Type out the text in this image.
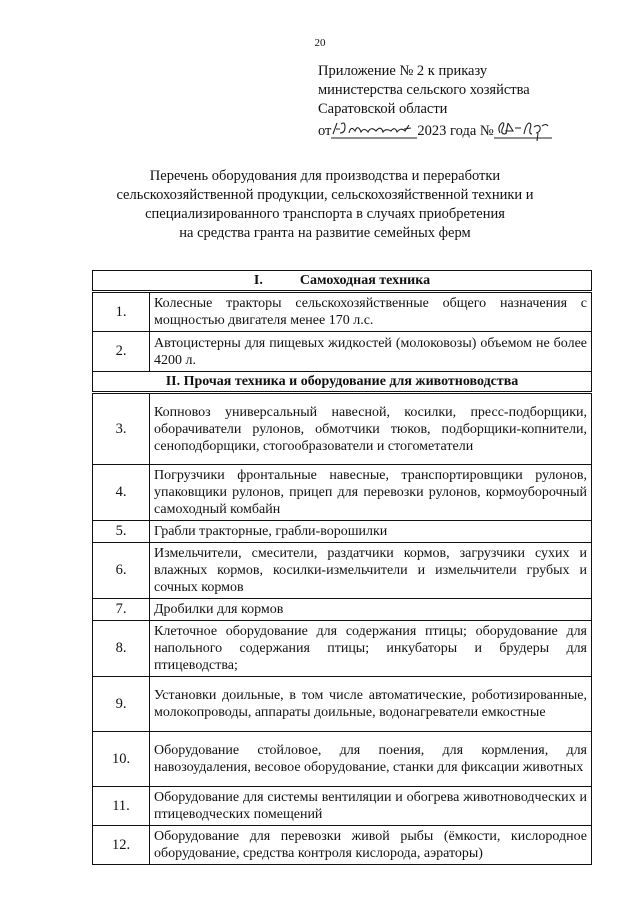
20
Приложение № 2 к приказу
министерства сельского хозяйства
Саратовской области
от	2023 года №
Перечень оборудования для производства и переработки
сельскохозяйственной продукции, сельскохозяйственной техники и
специализированного транспорта в случаях приобретения
на средства гранта на развитие семейных ферм
I. Самоходная техника	
1.	Колесные тракторы сельскохозяйственные общего назначения с мощностью двигателя менее 170 л.с.
2.	Автоцистерны для пищевых жидкостей (молоковозы) объемом не более 4200 л.
II. Прочая техника и оборудование для животноводства	
3.	Копновоз универсальный навесной, косилки, пресс-подборщики, оборачиватели рулонов, обмотчики тюков, подборщики-копнители, сеноподборщики, стогообразователи и стогометатели
4.	Погрузчики фронтальные навесные, транспортировщики рулонов, упаковщики рулонов, прицеп для перевозки рулонов, кормоуборочный самоходный комбайн
5.	Грабли тракторные, грабли-ворошилки
6.	Измельчители, смесители, раздатчики кормов, загрузчики сухих и влажных кормов, косилки-измельчители и измельчители грубых и сочных кормов
7.	Дробилки для кормов
8.	Клеточное оборудование для содержания птицы; оборудование для напольного содержания птицы; инкубаторы и брудеры для птицеводства;
9.	Установки доильные, в том числе автоматические, роботизированные, молокопроводы, аппараты доильные, водонагреватели емкостные
10.	Оборудование стойловое, для поения, для кормления, для навозоудаления, весовое оборудование, станки для фиксации животных
11.	Оборудование для системы вентиляции и обогрева животноводческих и птицеводческих помещений
12.	Оборудование для перевозки живой рыбы (ёмкости, кислородное оборудование, средства контроля кислорода, аэраторы)
